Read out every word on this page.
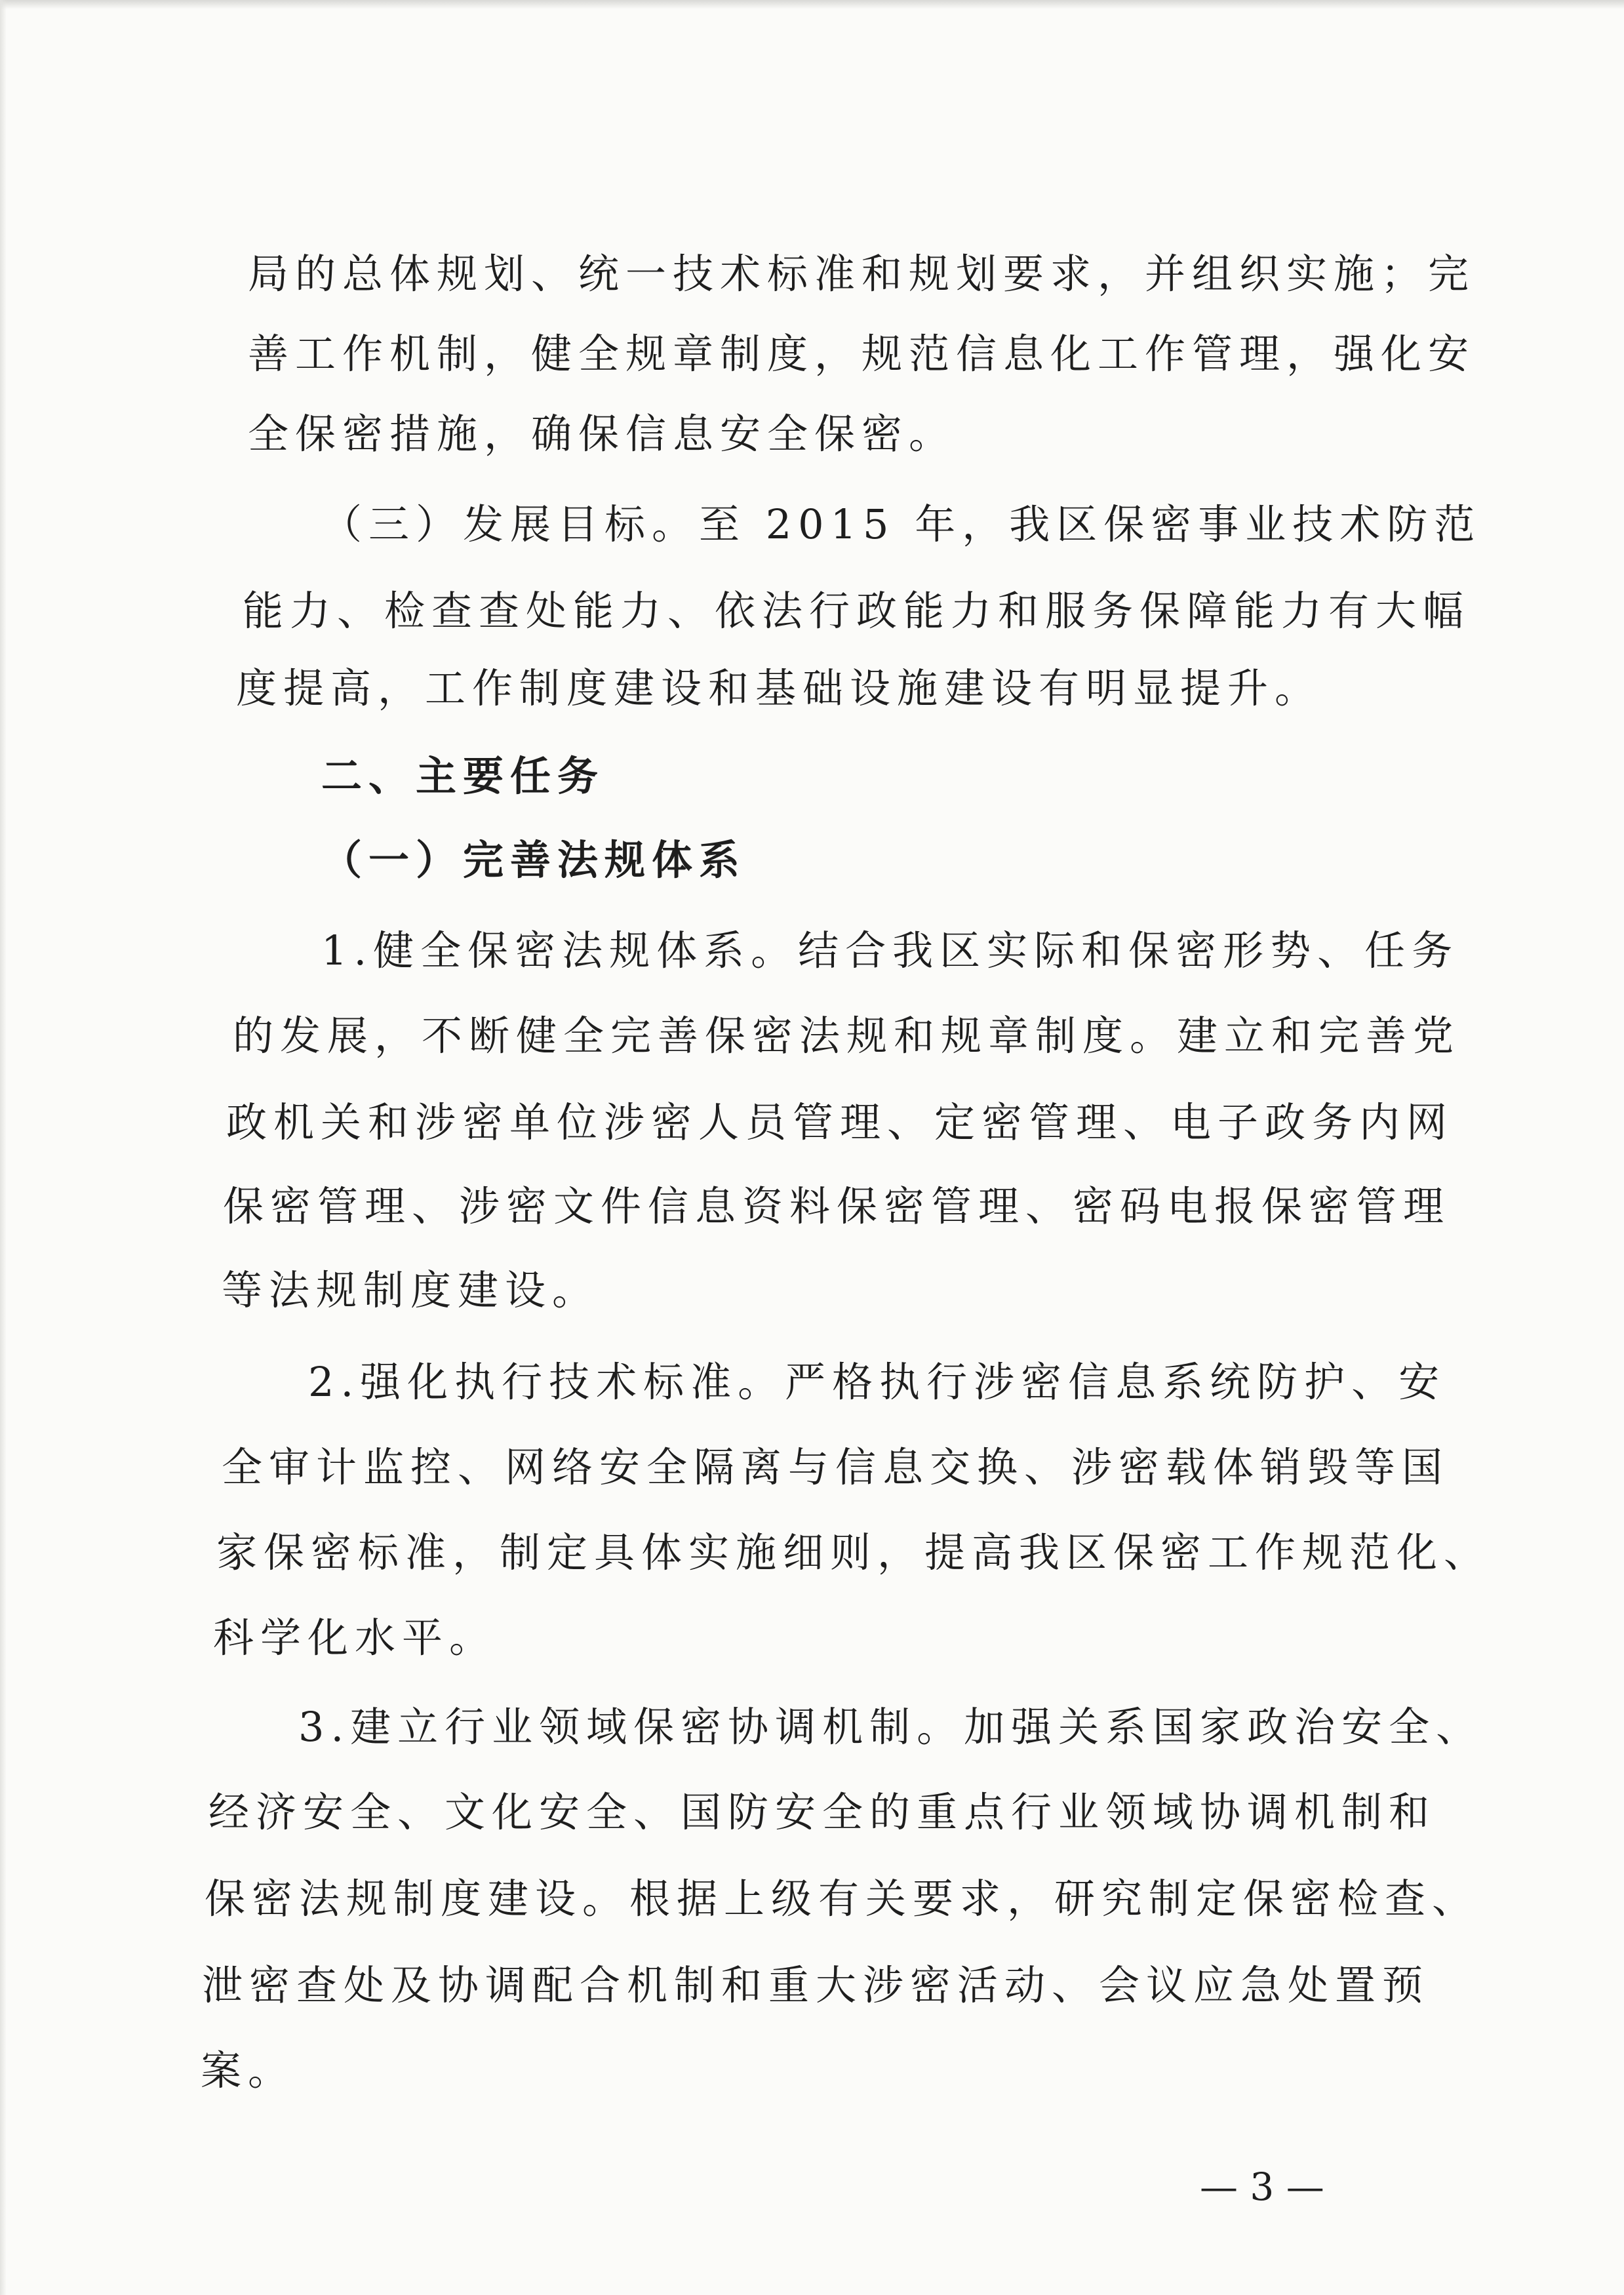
局的总体规划、统一技术标准和规划要求，并组织实施；完
善工作机制，健全规章制度，规范信息化工作管理，强化安
全保密措施，确保信息安全保密。
（三）发展目标。至 2015 年，我区保密事业技术防范
能力、检查查处能力、依法行政能力和服务保障能力有大幅
度提高，工作制度建设和基础设施建设有明显提升。
二、主要任务
（一）完善法规体系
1.健全保密法规体系。结合我区实际和保密形势、任务
的发展，不断健全完善保密法规和规章制度。建立和完善党
政机关和涉密单位涉密人员管理、定密管理、电子政务内网
保密管理、涉密文件信息资料保密管理、密码电报保密管理
等法规制度建设。
2.强化执行技术标准。严格执行涉密信息系统防护、安
全审计监控、网络安全隔离与信息交换、涉密载体销毁等国
家保密标准，制定具体实施细则，提高我区保密工作规范化、
科学化水平。
3.建立行业领域保密协调机制。加强关系国家政治安全、
经济安全、文化安全、国防安全的重点行业领域协调机制和
保密法规制度建设。根据上级有关要求，研究制定保密检查、
泄密查处及协调配合机制和重大涉密活动、会议应急处置预
案。
— 3 —
